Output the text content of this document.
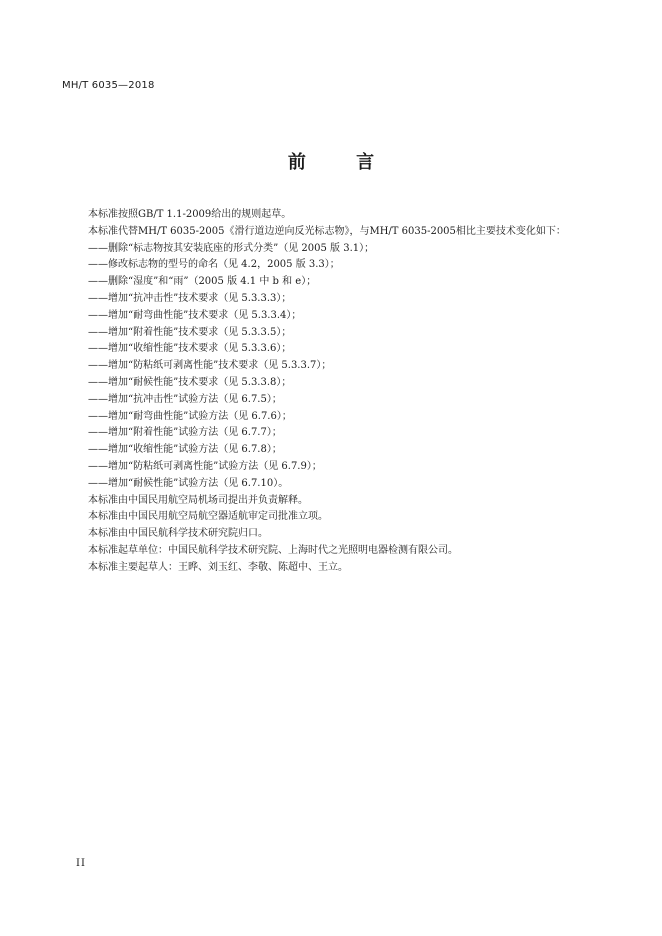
MH/T 6035—2018
前 言
本标准按照GB/T 1.1-2009给出的规则起草。
本标准代替MH/T 6035-2005《滑行道边逆向反光标志物》，与MH/T 6035-2005相比主要技术变化如下：
——删除“标志物按其安装底座的形式分类”（见 2005 版 3.1）；
——修改标志物的型号的命名（见 4.2，2005 版 3.3）；
——删除“湿度”和“雨”（2005 版 4.1 中 b 和 e）；
——增加“抗冲击性”技术要求（见 5.3.3.3）；
——增加“耐弯曲性能”技术要求（见 5.3.3.4）；
——增加“附着性能”技术要求（见 5.3.3.5）；
——增加“收缩性能”技术要求（见 5.3.3.6）；
——增加“防粘纸可剥离性能”技术要求（见 5.3.3.7）；
——增加“耐候性能”技术要求（见 5.3.3.8）；
——增加“抗冲击性”试验方法（见 6.7.5）；
——增加“耐弯曲性能”试验方法（见 6.7.6）；
——增加“附着性能”试验方法（见 6.7.7）；
——增加“收缩性能”试验方法（见 6.7.8）；
——增加“防粘纸可剥离性能”试验方法（见 6.7.9）；
——增加“耐候性能”试验方法（见 6.7.10）。
本标准由中国民用航空局机场司提出并负责解释。
本标准由中国民用航空局航空器适航审定司批准立项。
本标准由中国民航科学技术研究院归口。
本标准起草单位：中国民航科学技术研究院、上海时代之光照明电器检测有限公司。
本标准主要起草人：王晔、刘玉红、李敬、陈超中、王立。
II
